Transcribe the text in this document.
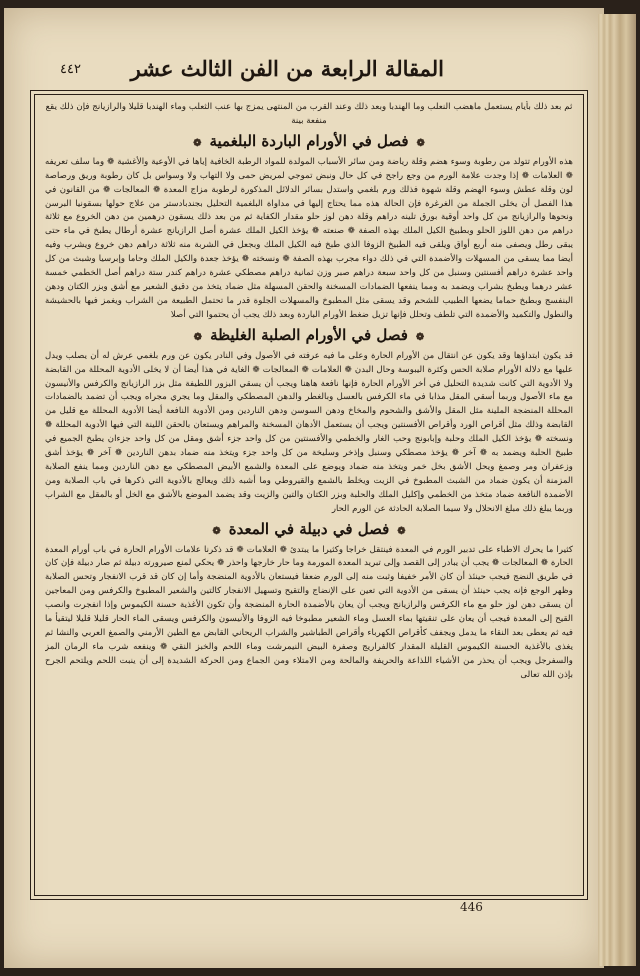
المقالة الرابعة من الفن الثالث عشر
٤٤٢

ثم بعد ذلك بأيام يستعمل ماهضب النعلب وما الهندبا وبعد ذلك وعند القرب من المنتهى يمزج بها عنب الثعلب وماء الهندبا قليلا والرازيانج فإن ذلك يقع منفعة بينة

❁ فصل في الأورام الباردة البلغمية ❁

هذه الأورام تتولد من رطوبة وسوء هضم وقلة رياضة ومن سائر الأسباب المولدة للمواد الرطبة الخافية إياها في الأوعية والأغشية ❁ وما سلف تعريفه ❁ العلامات ❁ إذا وجدت علامة الورم من وجع راجح في كل حال ونبض تموجي لمريض حمى ولا التهاب ولا وسواس بل كان رطوبة وريق ورصاصة لون وقلة عطش وسوء الهضم وقلة شهوة فذلك ورم بلغمي واستدل بسائر الدلائل المذكورة لرطوبة مزاج المعدة ❁ المعالجات ❁ من القانون في هذا الفصل أن يخلى الجملة من الغرغرة فإن الحالة هذه مما يحتاج إليها في مداواة البلغمية التحليل بجندبادستر من علاج حولها بسقونيا البرسن ونحوها والرازيانج من كل واحد أوقية بورق تلينه دراهم وقلة دهن لوز حلو مقدار الكفاية ثم من بعد ذلك يسقون درهمين من دهن الخروع مع ثلاثة دراهم من دهن اللوز الحلو وبطبيخ الكيل الملك بهذه الصفة ❁ صنعته ❁ يؤخذ الكيل الملك عشرة أصل الرازيانج عشرة أرطال يطبخ في ماء حتى يبقى رطل ويصفى منه أربع أواق ويلقى فيه الطبيخ الزوفا الذي طبخ فيه الكيل الملك وبجعل في الشربة منه ثلاثة دراهم دهن خروع ويشرب وفيه أيضا مما يسقى من المسهلات والأضمدة التي في ذلك دواء مجرب بهذه الصفة ❁ ونسخته ❁ يؤخذ جعدة والكيل الملك وحاما وإبرسيا وشبث من كل واحد عشرة دراهم أفسنتين وسنبل من كل واحد سبعة دراهم صبر وزن ثمانية دراهم مصطكي عشرة دراهم كندر ستة دراهم أصل الخطمي خمسة عشر درهما ويطبخ بشراب ويضمد به ومما ينفعها الضمادات المسخنة والحقن المسهلة مثل ضماد يتخذ من دقيق الشعير مع أشق وبزر الكتان ودهن البنفسج وبطبخ حماما يضعها الطبيب للشحم وقد يسقى مثل المطبوخ والمسهلات الجلوة قدر ما تحتمل الطبيعة من الشراب ويغمز فيها بالحشيشة والنطول والتكميد والأضمدة التي تلطف وتحلل فإنها تزيل ضغط الأورام الباردة وبعد ذلك يجب أن يحتموا التي أصلا

❁ فصل في الأورام الصلبة الغليظة ❁

قد يكون ابتداؤها وقد يكون عن انتقال من الأورام الحارة وعلى ما فيه عرفته في الأصول وفي النادر يكون عن ورم بلغمي عرش له أن يصلب ويدل عليها مع دلالة الأورام صلابة الحس وكثرة اليبوسة وحال البدن ❁ العلامات ❁ المعالجات ❁ الغاية في هذا أيضا أن لا يخلى الأدوية المحللة من القابضة ولا الأدوية التي كانت شديدة التحليل في أخر الأورام الحارة فإنها نافعة هاهنا ويجب أن يسقي البزور اللطيفة مثل بزر الرازيانج والكرفس والأنيسون مع ماء الأصول وربما أسقي المقل مذابا في ماء الكرفس بالعسل وبالغطر والدهن المصطكي والمقل وما يجري مجراه ويجب أن تضمد بالضمادات المحللة المنضجة الملينة مثل المقل والأشق والشحوم والمخاخ ودهن السوسن ودهن الناردين ومن الأدوية النافعة أيضا الأدوية المحللة مع قليل من القابضة وذلك مثل أقراص الورد وأقراص الأفسنتين ويجب أن يستعمل الأدهان المسخنة والمراهم ويستعان بالحقن اللينة التي فيها الأدوية المحللة ❁ ونسخته ❁ يؤخذ الكيل الملك وحلبة وإبابونج وحب الغار والخطمي والأفسنتين من كل واحد جزء أشق ومقل من كل واحد جزءان يطبخ الجميع في طبيخ الحلبة ويضمد به ❁ آخر ❁ يؤخذ مصطكي وسنبل وإذخر وسليخة من كل واحد جزء ويتخذ منه ضماد بدهن الناردين ❁ آخر ❁ يؤخذ أشق وزعفران ومر وصمغ ويحل الأشق بخل خمر ويتخذ منه ضماد ويوضع على المعدة والشمع الأبيض المصطكي مع دهن الناردين ومما ينفع الصلابة المزمنة أن يكون ضماد من الشبث المطبوخ في الزيت ويخلط بالشمع والقيروطي وما أشبه ذلك ويعالج بالأدوية التي ذكرها في باب الصلابة ومن الأضمدة النافعة ضماد متخذ من الخطمي وإكليل الملك والحلبة وبزر الكتان والتين والزيت وقد يضمد الموضع بالأشق مع الخل أو بالمقل مع الشراب وربما يبلغ ذلك مبلغ الانحلال ولا سيما الصلابة الحادثة عن الورم الحار

❁ فصل في دبيلة في المعدة ❁

كثيرا ما يحرك الاطباء على تدبير الورم في المعدة فينتقل خراجا وكثيرا ما يبتدئ ❁ العلامات ❁ قد ذكرنا علامات الأورام الحارة في باب أورام المعدة الحارة ❁ المعالجات ❁ يجب أن يبادر إلى القصد وإلى تبريد المعدة المورمة وما حار خارجها واحذر ❁ يحكي لمنع صيرورته دبيلة ثم صار دبيلة فإن كان في طريق النضج فيجب حينئذ أن كان الأمر خفيفا وثبت منه إلى الورم ضعفا فيستعان بالأدوية المنضجة وأما إن كان قد قرب الانفجار وتحس الصلابة وظهر الوجع فإنه يجب حينئذ أن يسقى من الأدوية التي تعين على الإنضاج والتقيح وتسهيل الانفجار كالتين والشعير المطبوخ والكرفس ومن المعاجين أن يسقى دهن لوز حلو مع ماء الكرفس والرازيانج ويجب أن يعان بالأضمدة الحارة المنضجة وأن تكون الأغذية حسنة الكيموس وإذا انفجرت وانصب القيح إلى المعدة فيجب أن يعان على تنقيتها بماء العسل وماء الشعير مطبوخا فيه الزوفا والأنيسون والكرفس ويسقى الماء الحار قليلا قليلا ليتقيأ ما فيه ثم يعطى بعد النقاء ما يدمل ويجفف كأقراص الكهرباء وأقراص الطباشير والشراب الريحاني القابض مع الطين الأرمني والصمغ العربي والنشا ثم يغذى بالأغذية الحسنة الكيموس القليلة المقدار كالفراريج وصفرة البيض النيمرشت وماء اللحم والخبز النقي ❁ وينفعه شرب ماء الرمان المز والسفرجل ويجب أن يحذر من الأشياء اللذاعة والحريفة والمالحة ومن الامتلاء ومن الجماع ومن الحركة الشديدة إلى أن ينبت اللحم ويلتحم الجرح بإذن الله تعالى

446
